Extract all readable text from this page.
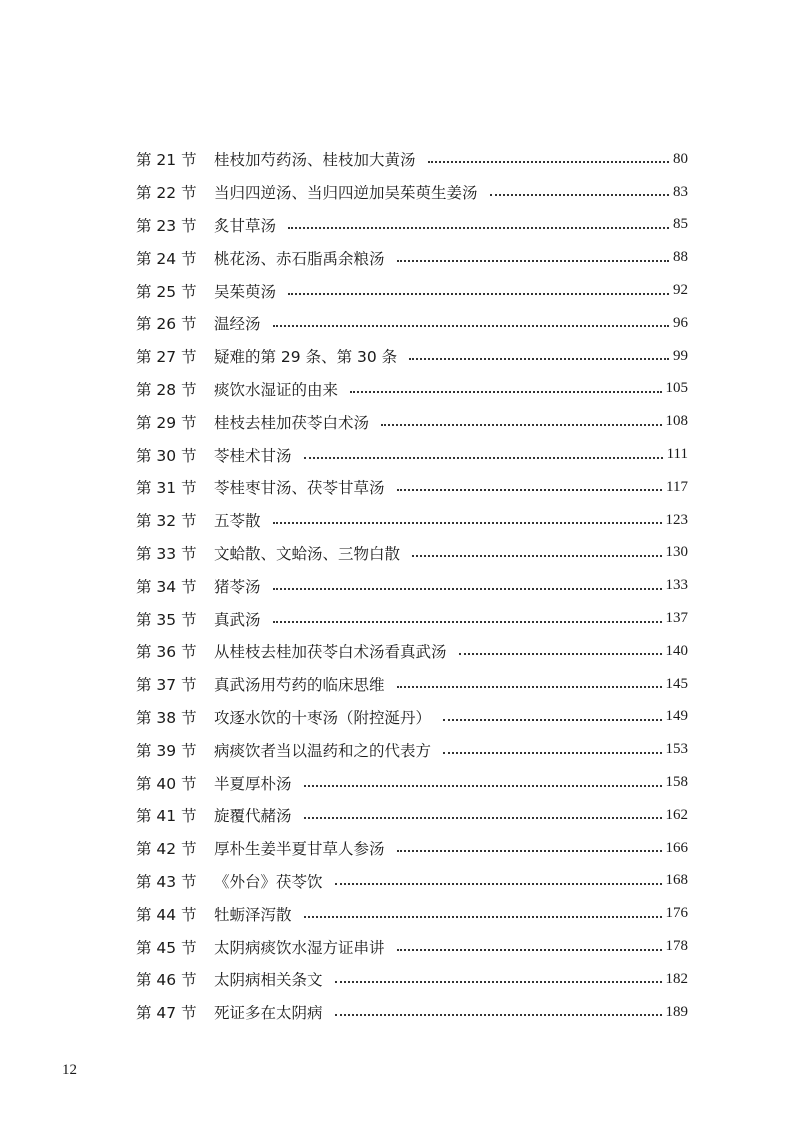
第 21 节	桂枝加芍药汤、桂枝加大黄汤	80
第 22 节	当归四逆汤、当归四逆加吴茱萸生姜汤	83
第 23 节	炙甘草汤	85
第 24 节	桃花汤、赤石脂禹余粮汤	88
第 25 节	吴茱萸汤	92
第 26 节	温经汤	96
第 27 节	疑难的第 29 条、第 30 条	99
第 28 节	痰饮水湿证的由来	105
第 29 节	桂枝去桂加茯苓白术汤	108
第 30 节	苓桂术甘汤	111
第 31 节	苓桂枣甘汤、茯苓甘草汤	117
第 32 节	五苓散	123
第 33 节	文蛤散、文蛤汤、三物白散	130
第 34 节	猪苓汤	133
第 35 节	真武汤	137
第 36 节	从桂枝去桂加茯苓白术汤看真武汤	140
第 37 节	真武汤用芍药的临床思维	145
第 38 节	攻逐水饮的十枣汤（附控涎丹）	149
第 39 节	病痰饮者当以温药和之的代表方	153
第 40 节	半夏厚朴汤	158
第 41 节	旋覆代赭汤	162
第 42 节	厚朴生姜半夏甘草人参汤	166
第 43 节	《外台》茯苓饮	168
第 44 节	牡蛎泽泻散	176
第 45 节	太阴病痰饮水湿方证串讲	178
第 46 节	太阴病相关条文	182
第 47 节	死证多在太阴病	189
12
